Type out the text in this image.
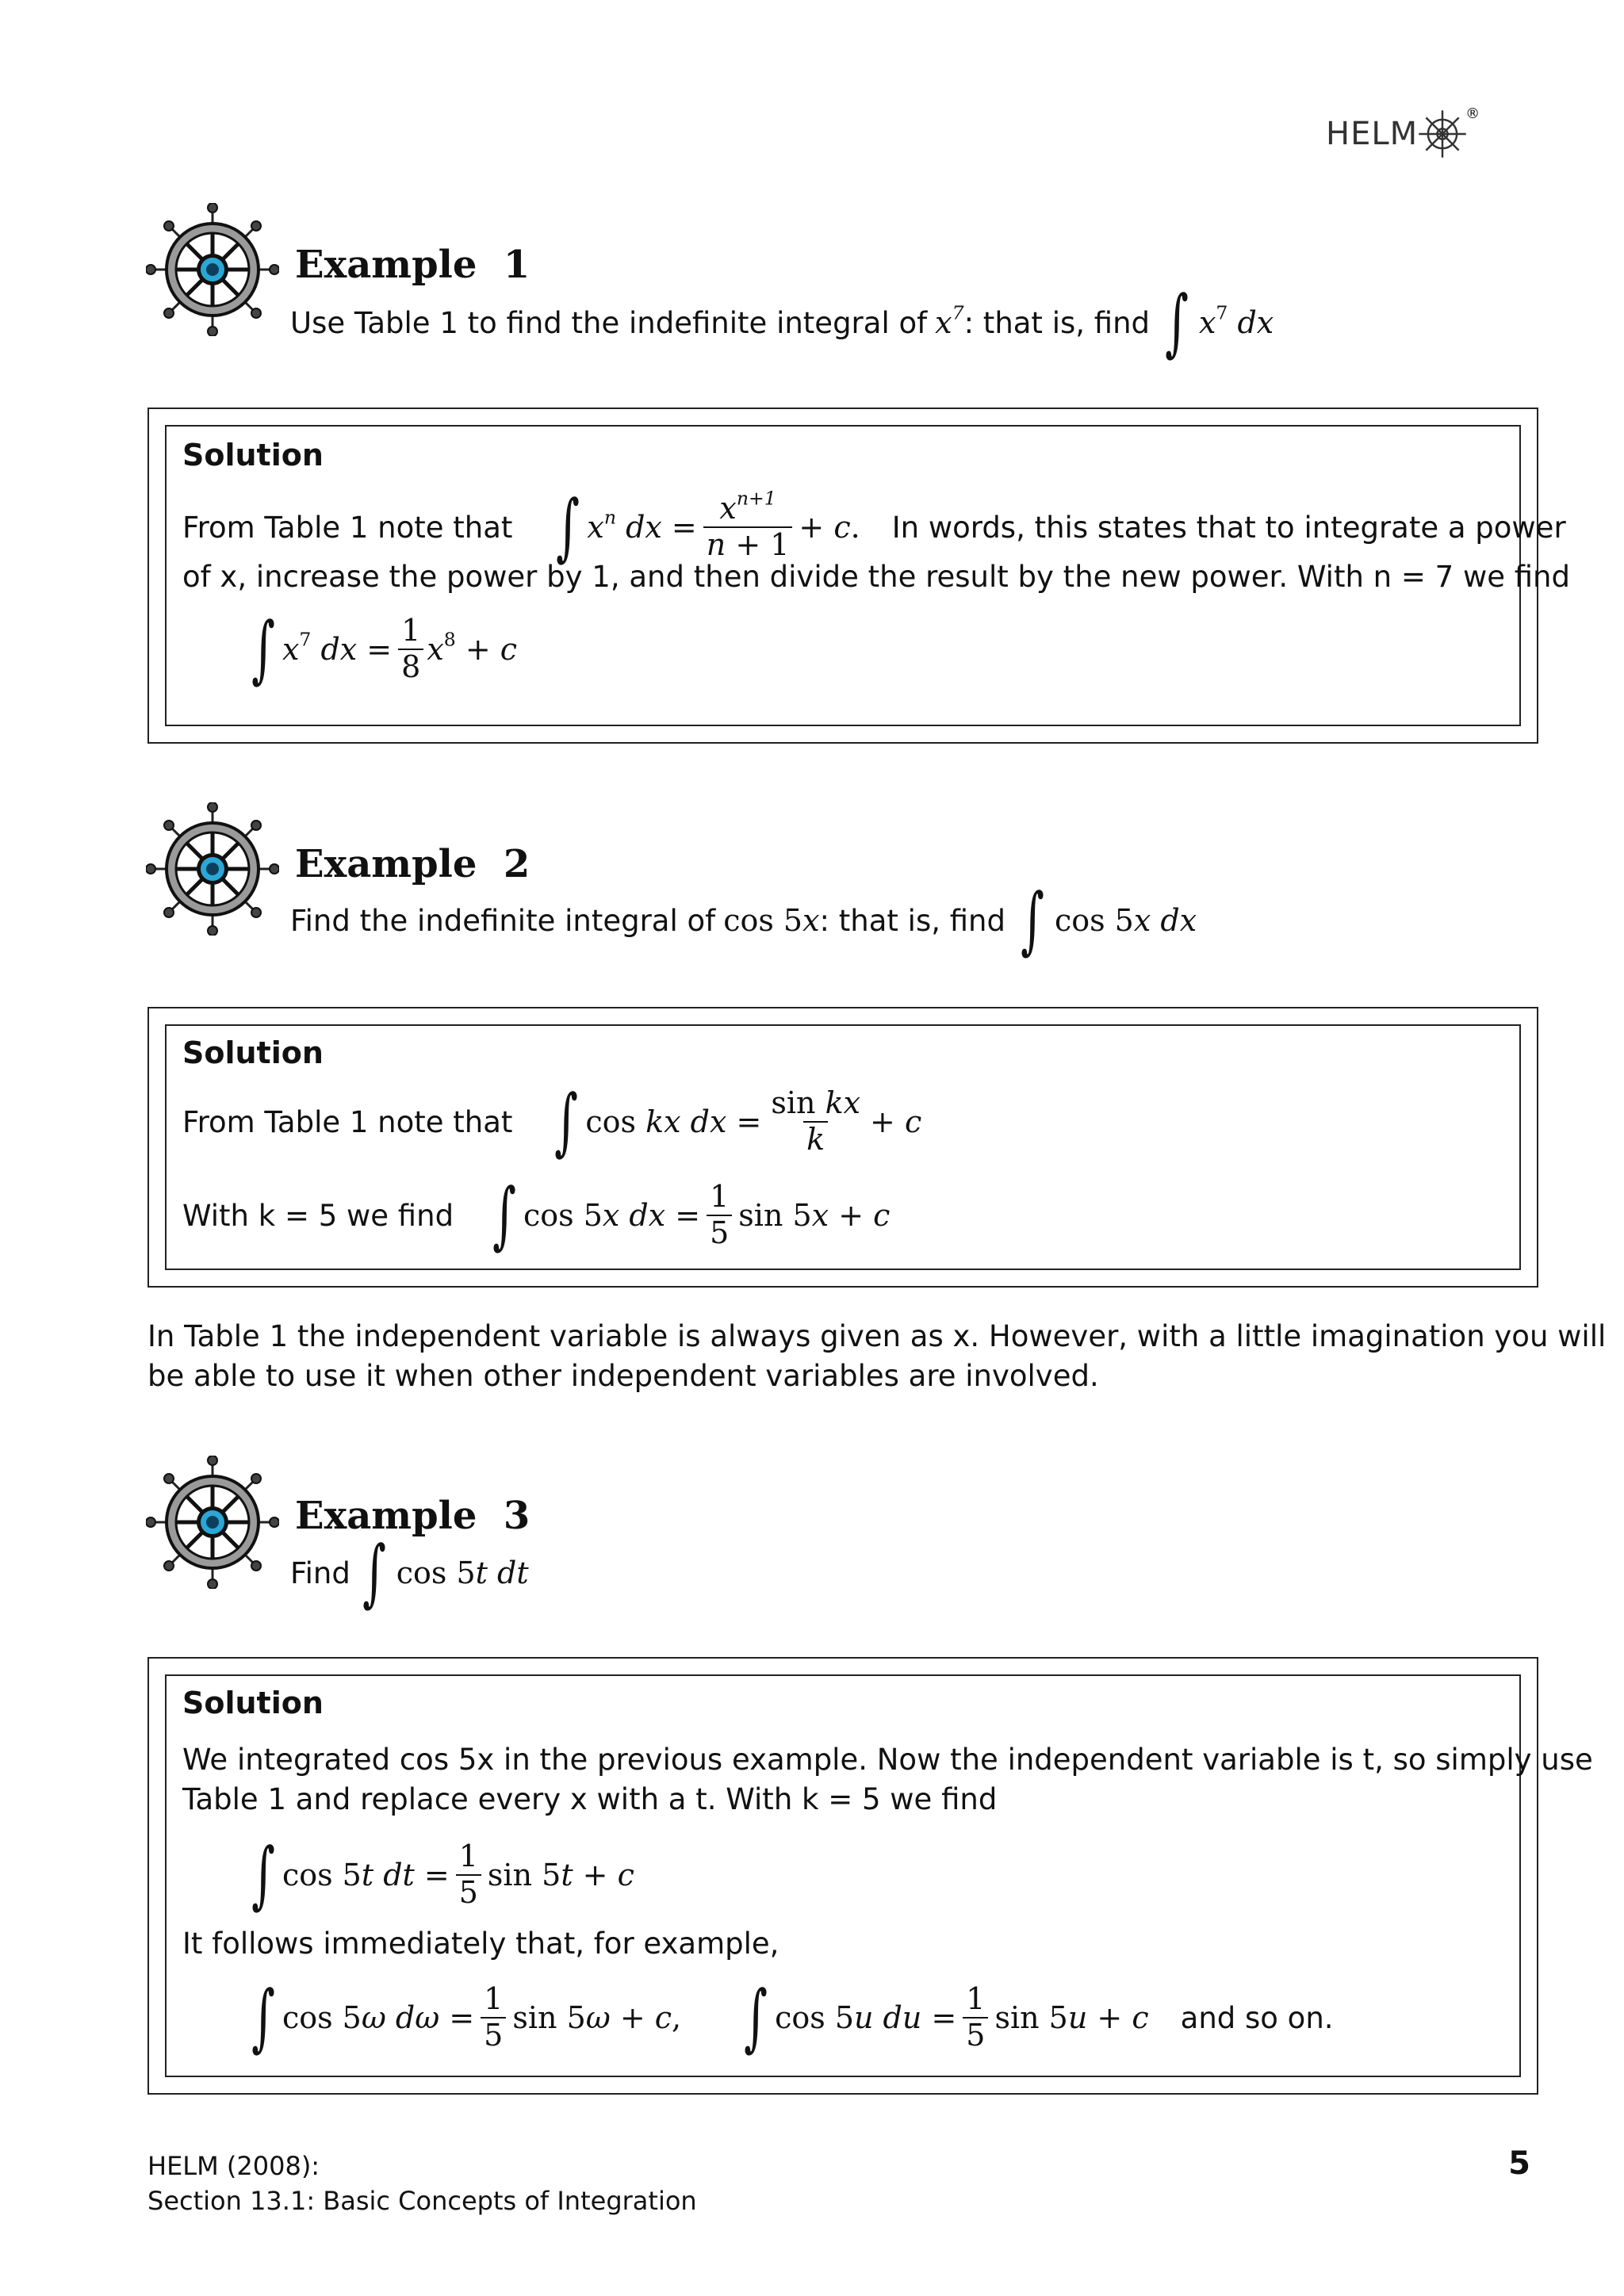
HELM
®
Example  1
Use Table 1 to find the indefinite integral of $x^7$ : that is, find ∫ $x^7$ dx
Solution
From Table 1 note that ∫ $x^n$ dx = $\frac{x^{n+1}}{n + 1} + c$. In words, this states that to integrate a power
of x, increase the power by 1, and then divide the result by the new power. With n = 7 we find
∫ $x^7$ dx = $\frac{1}{8} x^8 + c$
Example  2
Find the indefinite integral of cos 5x : that is, find ∫ cos 5x dx
Solution
From Table 1 note that ∫ cos kx dx = $\frac{\text{sin kx}}{k} + c$
With k = 5 we find ∫ cos 5x dx = $\frac{1}{5}$ sin 5x + c
In Table 1 the independent variable is always given as x. However, with a little imagination you will
be able to use it when other independent variables are involved.
Example  3
Find ∫ cos 5t dt
Solution
We integrated cos 5x in the previous example. Now the independent variable is t, so simply use
Table 1 and replace every x with a t. With k = 5 we find
∫ cos 5t dt = $\frac{1}{5}$ sin 5t + c
It follows immediately that, for example,
∫ cos 5ω $d\omega = \frac{1}{5}$ sin 5ω + c, ∫ cos 5u du = $\frac{1}{5}$ sin 5u + c and so on.
HELM (2008):
Section 13.1: Basic Concepts of Integration
5
